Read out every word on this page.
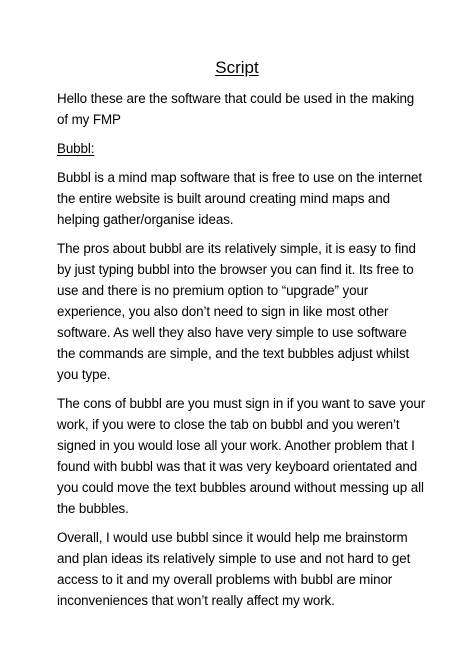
Script

Hello these are the software that could be used in the making of my FMP

Bubbl:

Bubbl is a mind map software that is free to use on the internet the entire website is built around creating mind maps and helping gather/organise ideas.

The pros about bubbl are its relatively simple, it is easy to find by just typing bubbl into the browser you can find it. Its free to use and there is no premium option to “upgrade” your experience, you also don’t need to sign in like most other software. As well they also have very simple to use software the commands are simple, and the text bubbles adjust whilst you type.

The cons of bubbl are you must sign in if you want to save your work, if you were to close the tab on bubbl and you weren’t signed in you would lose all your work. Another problem that I found with bubbl was that it was very keyboard orientated and you could move the text bubbles around without messing up all the bubbles.

Overall, I would use bubbl since it would help me brainstorm and plan ideas its relatively simple to use and not hard to get access to it and my overall problems with bubbl are minor inconveniences that won’t really affect my work.
